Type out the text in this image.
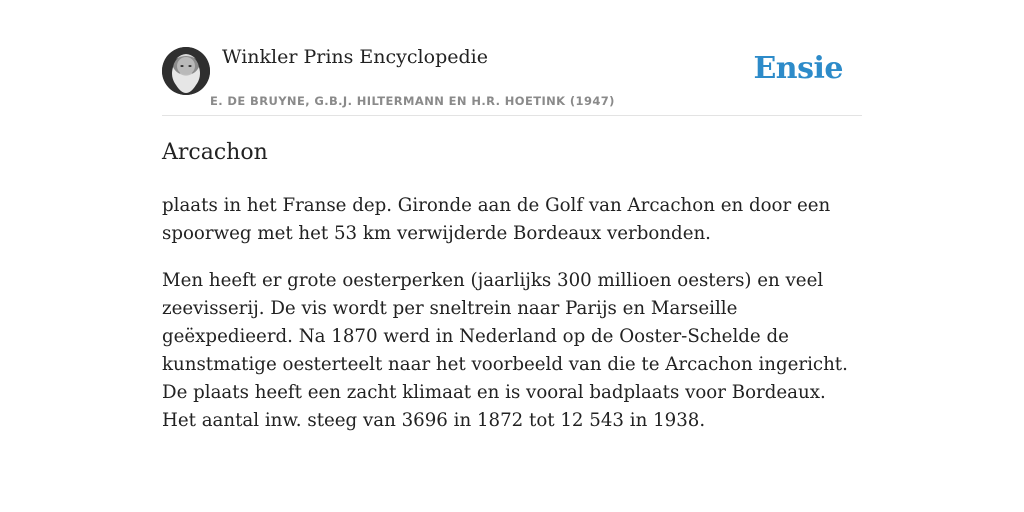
Winkler Prins Encyclopedie
E. DE BRUYNE, G.B.J. HILTERMANN EN H.R. HOETINK (1947)
Ensie
Arcachon

plaats in het Franse dep. Gironde aan de Golf van Arcachon en door een spoorweg met het 53 km verwijderde Bordeaux verbonden.

Men heeft er grote oesterperken (jaarlijks 300 millioen oesters) en veel zeevisserij. De vis wordt per sneltrein naar Parijs en Marseille geëxpedieerd. Na 1870 werd in Nederland op de Ooster-Schelde de kunstmatige oesterteelt naar het voorbeeld van die te Arcachon ingericht. De plaats heeft een zacht klimaat en is vooral badplaats voor Bordeaux. Het aantal inw. steeg van 3696 in 1872 tot 12 543 in 1938.
